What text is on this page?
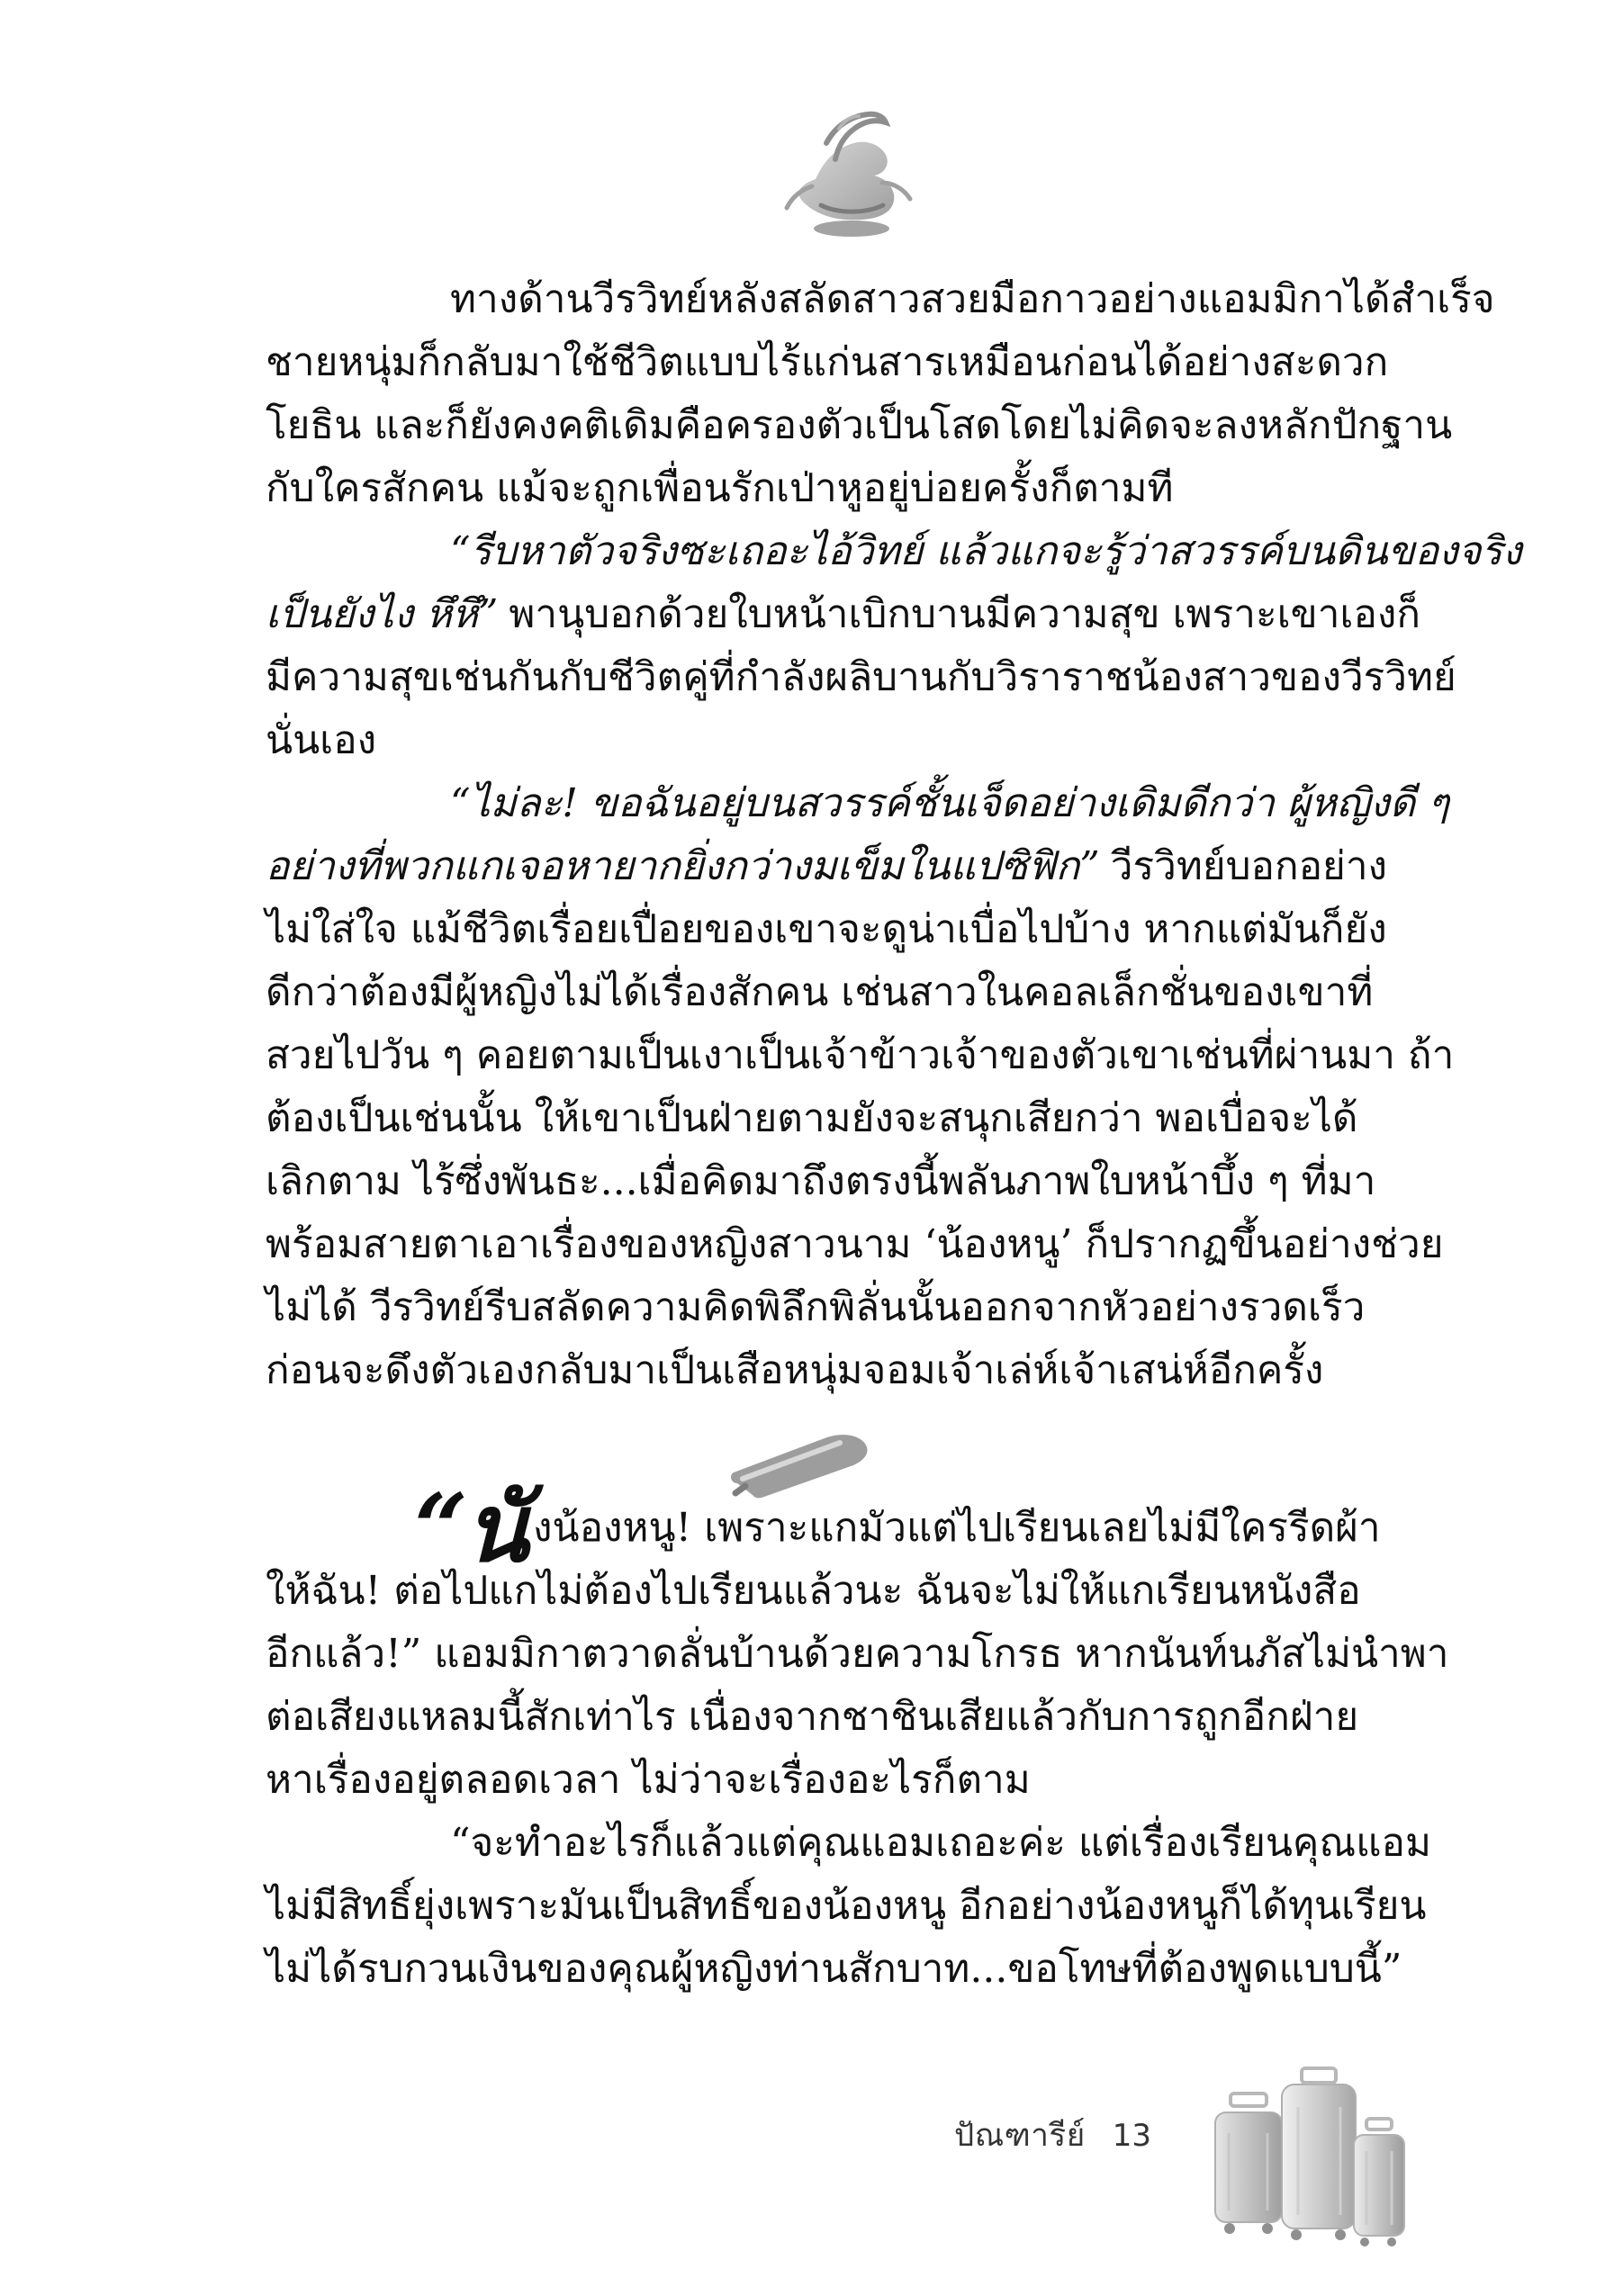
ทางด้านวีรวิทย์หลังสลัดสาวสวยมือกาวอย่างแอมมิกาได้สำเร็จ
ชายหนุ่มก็กลับมาใช้ชีวิตแบบไร้แก่นสารเหมือนก่อนได้อย่างสะดวก
โยธิน และก็ยังคงคติเดิมคือครองตัวเป็นโสดโดยไม่คิดจะลงหลักปักฐาน
กับใครสักคน แม้จะถูกเพื่อนรักเป่าหูอยู่บ่อยครั้งก็ตามที
“รีบหาตัวจริงซะเถอะไอ้วิทย์ แล้วแกจะรู้ว่าสวรรค์บนดินของจริง
เป็นยังไง หึหึ” พานุบอกด้วยใบหน้าเบิกบานมีความสุข เพราะเขาเองก็
มีความสุขเช่นกันกับชีวิตคู่ที่กำลังผลิบานกับวิราราชน้องสาวของวีรวิทย์
นั่นเอง
“ไม่ละ! ขอฉันอยู่บนสวรรค์ชั้นเจ็ดอย่างเดิมดีกว่า ผู้หญิงดี ๆ
อย่างที่พวกแกเจอหายากยิ่งกว่างมเข็มในแปซิฟิก” วีรวิทย์บอกอย่าง
ไม่ใส่ใจ แม้ชีวิตเรื่อยเปื่อยของเขาจะดูน่าเบื่อไปบ้าง หากแต่มันก็ยัง
ดีกว่าต้องมีผู้หญิงไม่ได้เรื่องสักคน เช่นสาวในคอลเล็กชั่นของเขาที่
สวยไปวัน ๆ คอยตามเป็นเงาเป็นเจ้าข้าวเจ้าของตัวเขาเช่นที่ผ่านมา ถ้า
ต้องเป็นเช่นนั้น ให้เขาเป็นฝ่ายตามยังจะสนุกเสียกว่า พอเบื่อจะได้
เลิกตาม ไร้ซึ่งพันธะ...เมื่อคิดมาถึงตรงนี้พลันภาพใบหน้าบึ้ง ๆ ที่มา
พร้อมสายตาเอาเรื่องของหญิงสาวนาม ‘น้องหนู’ ก็ปรากฏขึ้นอย่างช่วย
ไม่ได้ วีรวิทย์รีบสลัดความคิดพิลึกพิลั่นนั้นออกจากหัวอย่างรวดเร็ว
ก่อนจะดึงตัวเองกลับมาเป็นเสือหนุ่มจอมเจ้าเล่ห์เจ้าเสน่ห์อีกครั้ง
“นั งน้องหนู! เพราะแกมัวแต่ไปเรียนเลยไม่มีใครรีดผ้า
ให้ฉัน! ต่อไปแกไม่ต้องไปเรียนแล้วนะ ฉันจะไม่ให้แกเรียนหนังสือ
อีกแล้ว!” แอมมิกาตวาดลั่นบ้านด้วยความโกรธ หากนันท์นภัสไม่นำพา
ต่อเสียงแหลมนี้สักเท่าไร เนื่องจากชาชินเสียแล้วกับการถูกอีกฝ่าย
หาเรื่องอยู่ตลอดเวลา ไม่ว่าจะเรื่องอะไรก็ตาม
“จะทำอะไรก็แล้วแต่คุณแอมเถอะค่ะ แต่เรื่องเรียนคุณแอม
ไม่มีสิทธิ์ยุ่งเพราะมันเป็นสิทธิ์ของน้องหนู อีกอย่างน้องหนูก็ได้ทุนเรียน
ไม่ได้รบกวนเงินของคุณผู้หญิงท่านสักบาท...ขอโทษที่ต้องพูดแบบนี้”
ปัณฑารีย์ 13
